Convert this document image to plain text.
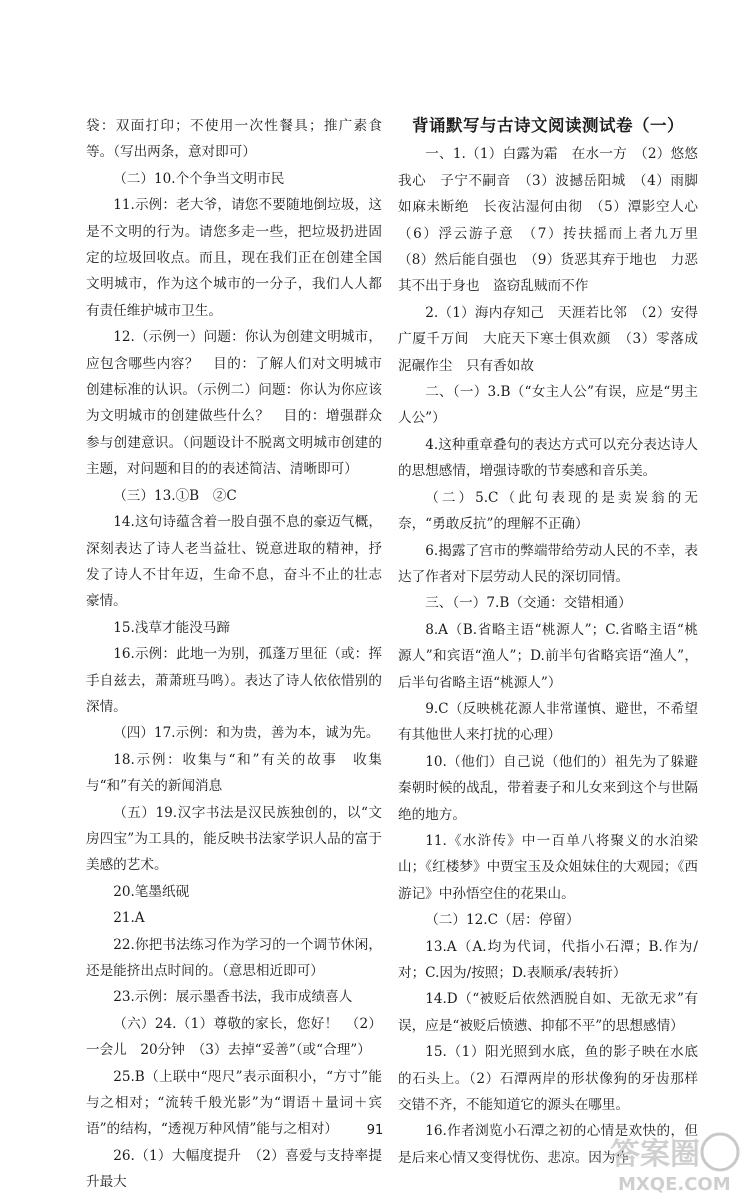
袋：双面打印；不使用一次性餐具；推广素食等。（写出两条，意对即可）

（二）10.个个争当文明市民

11.示例：老大爷，请您不要随地倒垃圾，这是不文明的行为。请您多走一些，把垃圾扔进固定的垃圾回收点。而且，现在我们正在创建全国文明城市，作为这个城市的一分子，我们人人都有责任维护城市卫生。

12.（示例一）问题：你认为创建文明城市，应包含哪些内容？　目的：了解人们对文明城市创建标准的认识。（示例二）问题：你认为你应该为文明城市的创建做些什么？　目的：增强群众参与创建意识。（问题设计不脱离文明城市创建的主题，对问题和目的的表述简洁、清晰即可）

（三）13.①B　②C

14.这句诗蕴含着一股自强不息的豪迈气概，深刻表达了诗人老当益壮、锐意进取的精神，抒发了诗人不甘年迈，生命不息，奋斗不止的壮志豪情。

15.浅草才能没马蹄

16.示例：此地一为别，孤蓬万里征（或：挥手自兹去，萧萧班马鸣）。表达了诗人依依惜别的深情。

（四）17.示例：和为贵，善为本，诚为先。

18.示例：收集与“和”有关的故事　收集与“和”有关的新闻消息

（五）19.汉字书法是汉民族独创的，以“文房四宝”为工具的，能反映书法家学识人品的富于美感的艺术。

20.笔墨纸砚

21.A

22.你把书法练习作为学习的一个调节休闲，还是能挤出点时间的。（意思相近即可）

23.示例：展示墨香书法，我市成绩喜人

（六）24.（1）尊敬的家长，您好！　（2）一会儿　20分钟　（3）去掉“妥善”（或“合理”）

25.B（上联中“咫尺”表示面积小，“方寸”能与之相对；“流转千般光影”为“谓语＋量词＋宾语”的结构，“透视万种风情”能与之相对）

26.（1）大幅度提升　（2）喜爱与支持率提升最大

背诵默写与古诗文阅读测试卷（一）

一、1.（1）白露为霜　在水一方　（2）悠悠我心　子宁不嗣音　（3）波撼岳阳城　（4）雨脚如麻未断绝　长夜沾湿何由彻　（5）潭影空人心　（6）浮云游子意　（7）抟扶摇而上者九万里　（8）然后能自强也　（9）货恶其弃于地也　力恶其不出于身也　盗窃乱贼而不作

2.（1）海内存知己　天涯若比邻　（2）安得广厦千万间　大庇天下寒士俱欢颜　（3）零落成泥碾作尘　只有香如故

二、（一）3.B（“女主人公”有误，应是“男主人公”）

4.这种重章叠句的表达方式可以充分表达诗人的思想感情，增强诗歌的节奏感和音乐美。

（二）5.C（此句表现的是卖炭翁的无奈，“勇敢反抗”的理解不正确）

6.揭露了宫市的弊端带给劳动人民的不幸，表达了作者对下层劳动人民的深切同情。

三、（一）7.B（交通：交错相通）

8.A（B.省略主语“桃源人”；C.省略主语“桃源人”和宾语“渔人”；D.前半句省略宾语“渔人”，后半句省略主语“桃源人”）

9.C（反映桃花源人非常谨慎、避世，不希望有其他世人来打扰的心理）

10.（他们）自己说（他们的）祖先为了躲避秦朝时候的战乱，带着妻子和儿女来到这个与世隔绝的地方。

11.《水浒传》中一百单八将聚义的水泊梁山；《红楼梦》中贾宝玉及众姐妹住的大观园；《西游记》中孙悟空住的花果山。

（二）12.C（居：停留）

13.A（A.均为代词，代指小石潭；B.作为/对；C.因为/按照；D.表顺承/表转折）

14.D（“被贬后依然洒脱自如、无欲无求”有误，应是“被贬后愤懑、抑郁不平”的思想感情）

15.（1）阳光照到水底，鱼的影子映在水底的石头上。（2）石潭两岸的形状像狗的牙齿那样交错不齐，不能知道它的源头在哪里。

16.作者浏览小石潭之初的心情是欢快的，但是后来心情又变得忧伤、悲凉。因为作

91
答案圈
MXQE.COM
